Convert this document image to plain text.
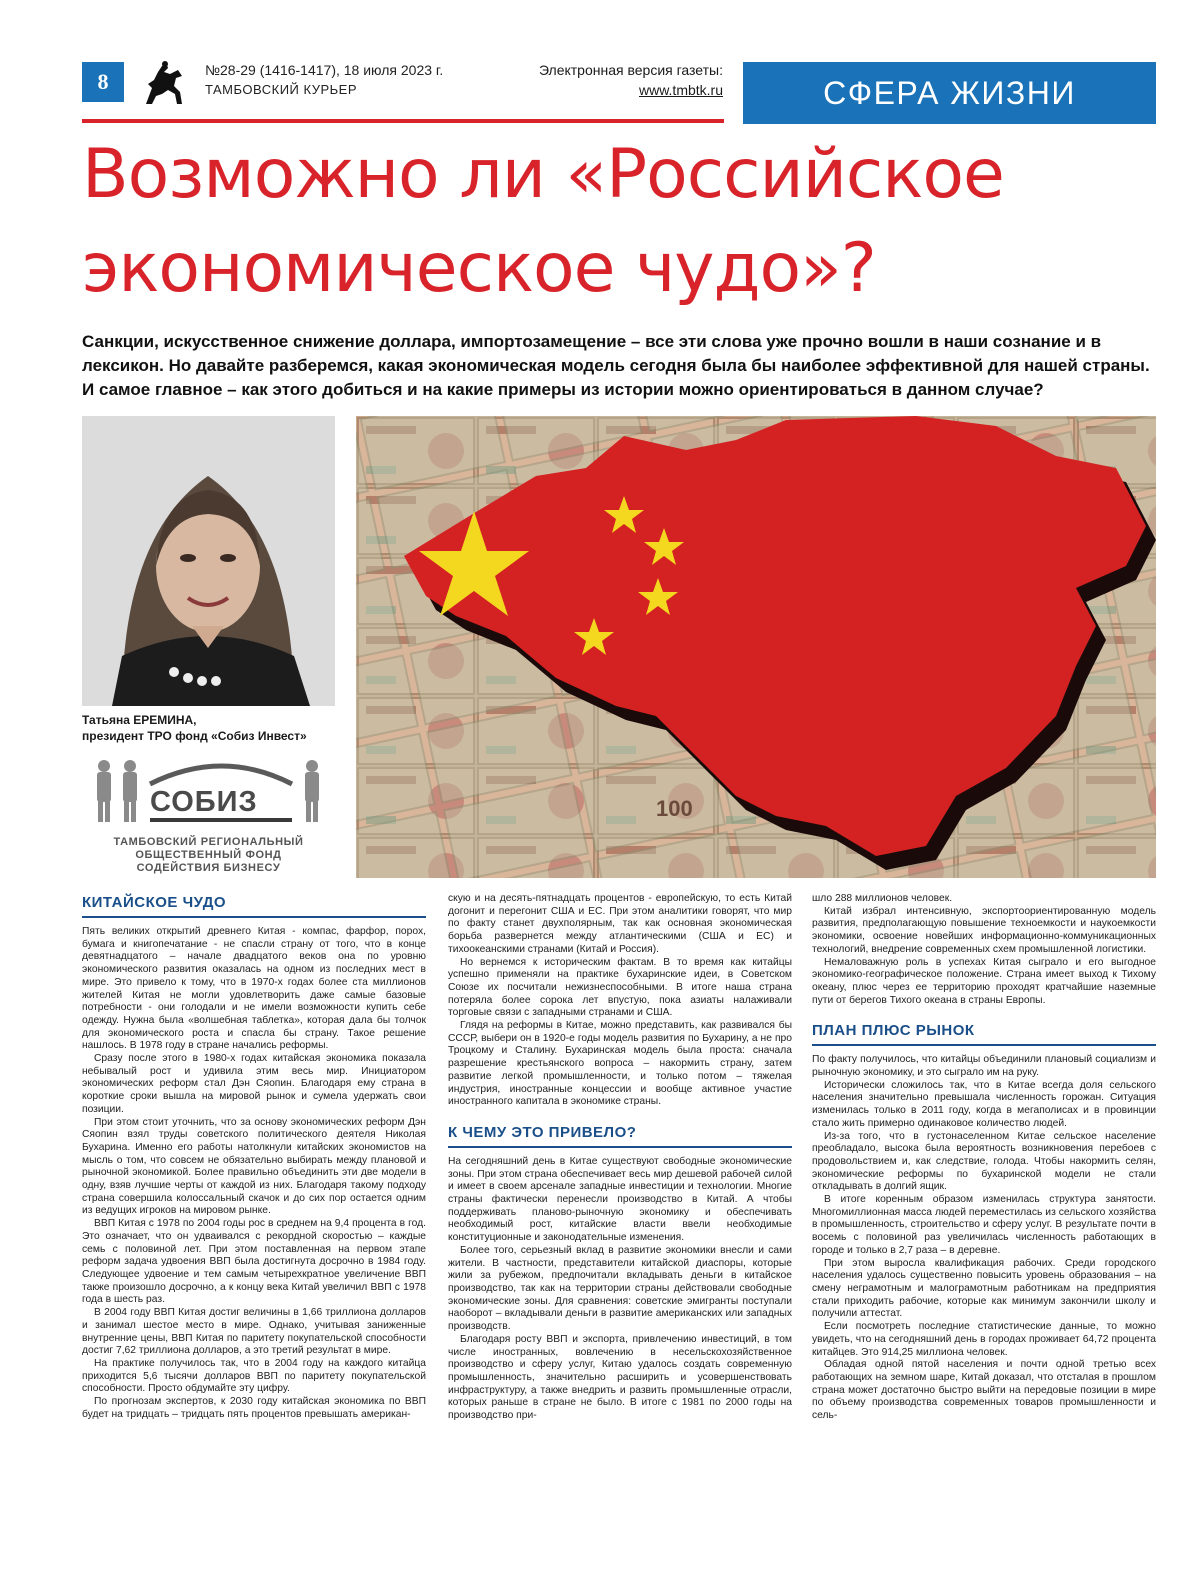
8	№28-29 (1416-1417), 18 июля 2023 г.
ТАМБОВСКИЙ КУРЬЕР
Электронная версия газеты:
www.tmbtk.ru	СФЕРА ЖИЗНИ
Возможно ли «Российское
экономическое чудо»?

Санкции, искусственное снижение доллара, импортозамещение – все эти слова уже прочно вошли в наши сознание и в лексикон. Но давайте разберемся, какая экономическая модель сегодня была бы наиболее эффективной для нашей страны. И самое главное – как этого добиться и на какие примеры из истории можно ориентироваться в данном случае?

Татьяна ЕРЕМИНА,
президент ТРО фонд «Собиз Инвест»
СОБИЗ
ТАМБОВСКИЙ РЕГИОНАЛЬНЫЙ
ОБЩЕСТВЕННЫЙ ФОНД
СОДЕЙСТВИЯ БИЗНЕСУ
100
КИТАЙСКОЕ ЧУДО

Пять великих открытий древнего Китая - компас, фарфор, порох, бумага и книгопечатание - не спасли страну от того, что в конце девятнадцатого – начале двадцатого веков она по уровню экономического развития оказалась на одном из последних мест в мире. Это привело к тому, что в 1970-х годах более ста миллионов жителей Китая не могли удовлетворить даже самые базовые потребности - они голодали и не имели возможности купить себе одежду. Нужна была «волшебная таблетка», которая дала бы толчок для экономического роста и спасла бы страну. Такое решение нашлось. В 1978 году в стране начались реформы.

Сразу после этого в 1980-х годах китайская экономика показала небывалый рост и удивила этим весь мир. Инициатором экономических реформ стал Дэн Сяопин. Благодаря ему страна в короткие сроки вышла на мировой рынок и сумела удержать свои позиции.

При этом стоит уточнить, что за основу экономических реформ Дэн Сяопин взял труды советского политического деятеля Николая Бухарина. Именно его работы натолкнули китайских экономистов на мысль о том, что совсем не обязательно выбирать между плановой и рыночной экономикой. Более правильно объединить эти две модели в одну, взяв лучшие черты от каждой из них. Благодаря такому подходу страна совершила колоссальный скачок и до сих пор остается одним из ведущих игроков на мировом рынке.

ВВП Китая с 1978 по 2004 годы рос в среднем на 9,4 процента в год. Это означает, что он удваивался с рекордной скоростью – каждые семь с половиной лет. При этом поставленная на первом этапе реформ задача удвоения ВВП была достигнута досрочно в 1984 году. Следующее удвоение и тем самым четырехкратное увеличение ВВП также произошло досрочно, а к концу века Китай увеличил ВВП с 1978 года в шесть раз.

В 2004 году ВВП Китая достиг величины в 1,66 триллиона долларов и занимал шестое место в мире. Однако, учитывая заниженные внутренние цены, ВВП Китая по паритету покупательской способности достиг 7,62 триллиона долларов, а это третий результат в мире.

На практике получилось так, что в 2004 году на каждого китайца приходится 5,6 тысячи долларов ВВП по паритету покупательской способности. Просто обдумайте эту цифру.

По прогнозам экспертов, к 2030 году китайская экономика по ВВП будет на тридцать – тридцать пять процентов превышать американ-

скую и на десять-пятнадцать процентов - европейскую, то есть Китай догонит и перегонит США и ЕС. При этом аналитики говорят, что мир по факту станет двухполярным, так как основная экономическая борьба развернется между атлантическими (США и ЕС) и тихоокеанскими странами (Китай и Россия).

Но вернемся к историческим фактам. В то время как китайцы успешно применяли на практике бухаринские идеи, в Советском Союзе их посчитали нежизнеспособными. В итоге наша страна потеряла более сорока лет впустую, пока азиаты налаживали торговые связи с западными странами и США.

Глядя на реформы в Китае, можно представить, как развивался бы СССР, выбери он в 1920-е годы модель развития по Бухарину, а не про Троцкому и Сталину. Бухаринская модель была проста: сначала разрешение крестьянского вопроса – накормить страну, затем развитие легкой промышленности, и только потом – тяжелая индустрия, иностранные концессии и вообще активное участие иностранного капитала в экономике страны.

К ЧЕМУ ЭТО ПРИВЕЛО?

На сегодняшний день в Китае существуют свободные экономические зоны. При этом страна обеспечивает весь мир дешевой рабочей силой и имеет в своем арсенале западные инвестиции и технологии. Многие страны фактически перенесли производство в Китай. А чтобы поддерживать планово-рыночную экономику и обеспечивать необходимый рост, китайские власти ввели необходимые конституционные и законодательные изменения.

Более того, серьезный вклад в развитие экономики внесли и сами жители. В частности, представители китайской диаспоры, которые жили за рубежом, предпочитали вкладывать деньги в китайское производство, так как на территории страны действовали свободные экономические зоны. Для сравнения: советские эмигранты поступали наоборот – вкладывали деньги в развитие американских или западных производств.

Благодаря росту ВВП и экспорта, привлечению инвестиций, в том числе иностранных, вовлечению в несельскохозяйственное производство и сферу услуг, Китаю удалось создать современную промышленность, значительно расширить и усовершенствовать инфраструктуру, а также внедрить и развить промышленные отрасли, которых раньше в стране не было. В итоге с 1981 по 2000 годы на производство при-

шло 288 миллионов человек.

Китай избрал интенсивную, экспортоориентированную модель развития, предполагающую повышение техноемкости и наукоемкости экономики, освоение новейших информационно-коммуникационных технологий, внедрение современных схем промышленной логистики.

Немаловажную роль в успехах Китая сыграло и его выгодное экономико-географическое положение. Страна имеет выход к Тихому океану, плюс через ее территорию проходят кратчайшие наземные пути от берегов Тихого океана в страны Европы.

ПЛАН ПЛЮС РЫНОК

По факту получилось, что китайцы объединили плановый социализм и рыночную экономику, и это сыграло им на руку.

Исторически сложилось так, что в Китае всегда доля сельского населения значительно превышала численность горожан. Ситуация изменилась только в 2011 году, когда в мегаполисах и в провинции стало жить примерно одинаковое количество людей.

Из-за того, что в густонаселенном Китае сельское население преобладало, высока была вероятность возникновения перебоев с продовольствием и, как следствие, голода. Чтобы накормить селян, экономические реформы по бухаринской модели не стали откладывать в долгий ящик.

В итоге коренным образом изменилась структура занятости. Многомиллионная масса людей переместилась из сельского хозяйства в промышленность, строительство и сферу услуг. В результате почти в восемь с половиной раз увеличилась численность работающих в городе и только в 2,7 раза – в деревне.

При этом выросла квалификация рабочих. Среди городского населения удалось существенно повысить уровень образования – на смену неграмотным и малограмотным работникам на предприятия стали приходить рабочие, которые как минимум закончили школу и получили аттестат.

Если посмотреть последние статистические данные, то можно увидеть, что на сегодняшний день в городах проживает 64,72 процента китайцев. Это 914,25 миллиона человек.

Обладая одной пятой населения и почти одной третью всех работающих на земном шаре, Китай доказал, что отсталая в прошлом страна может достаточно быстро выйти на передовые позиции в мире по объему производства современных товаров промышленности и сель-
